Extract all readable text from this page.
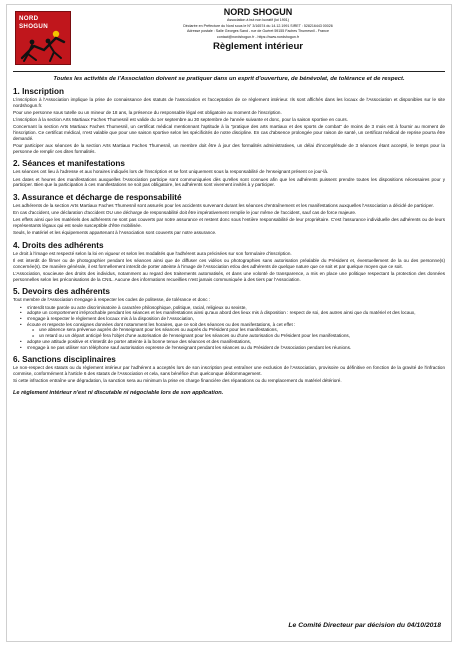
NORD
SHOGUN
NORD SHOGUN
Association à but non lucratif (loi 1901)
Déclarée en Préfecture du Nord sous le N° 3/16574 du 14.12.1991 SIRET : 528216443 00026
Adresse postale : Salle Georges Sand - rue de Guéret 59155 Faches Thumesnil - France
contact@nordshogun.fr - https://www.nordshogun.fr
Règlement intérieur
Toutes les activités de l'Association doivent se pratiquer dans un esprit d'ouverture, de bénévolat, de tolérance et de respect.
1. Inscription

L'inscription à l'Association implique la prise de connaissance des statuts de l'association et l'acceptation de ce règlement intérieur. Ils sont affichés dans les locaux de l'Association et disponibles sur le site nordshogun.fr.

Pour une personne sous tutelle ou un mineur de 18 ans, la présence du responsable légal est obligatoire au moment de l'inscription.

L'inscription à la section Arts Martiaux Faches Thumesnil est valide du 1er septembre au 30 septembre de l'année suivante et donc, pour la saison sportive en cours.

Concernant la section Arts Martiaux Faches Thumesnil, un certificat médical mentionnant l'aptitude à la "pratique des arts martiaux et des sports de combat" de moins de 3 mois est à fournir au moment de l'inscription. Ce certificat médical, n'est valable que pour une saison sportive selon les spécificités de notre discipline. En cas d'absence prolongée pour raison de santé, un certificat médical de reprise pourra être demandé.

Pour participer aux séances de la section Arts Martiaux Faches Thumesnil, un membre doit être à jour des formalités administratives, un délai d'incomplétude de 3 séances étant accepté, le temps pour la personne de remplir ces dites formalités.

2. Séances et manifestations

Les séances ont lieu à l'adresse et aux horaires indiqués lors de l'inscription et se font uniquement sous la responsabilité de l'enseignant présent ce jour-là.

Les dates et heures des manifestations auxquelles l'Association participe sont communiquées dès qu'elles sont connues afin que les adhérents puissent prendre toutes les dispositions nécessaires pour y participer. Bien que la participation à ces manifestations ne soit pas obligatoire, les adhérents sont vivement invités à y participer.

3. Assurance et décharge de responsabilité

Les adhérents de la section Arts Martiaux Faches Thumesnil sont assurés pour les accidents survenant durant les séances d'entraînement et les manifestations auxquelles l'Association a décidé de participer.

En cas d'accident, une déclaration d'accident OU une décharge de responsabilité doit être impérativement remplie le jour même de l'accident, sauf cas de force majeure.

Les effets ainsi que les matériels des adhérents ne sont pas couverts par notre assurance et restent donc sous l'entière responsabilité de leur propriétaire. C'est l'assurance individuelle des adhérents ou de leurs représentants légaux qui est seule susceptible d'être mobilisée.

Seuls, le matériel et les équipements appartenant à l'Association sont couverts par notre assurance.

4. Droits des adhérents

Le droit à l'image est respecté selon la loi en vigueur et selon les modalités que l'adhérent aura précisées sur son formulaire d'inscription.

Il est interdit de filmer ou de photographier pendant les séances ainsi que de diffuser ces vidéos ou photographies sans autorisation préalable du Président et, éventuellement de la ou des personne(s) concernée(s). De manière générale, il est formellement interdit de porter atteinte à l'image de l'Association et/ou des adhérents de quelque nature que ce soit et par quelque moyen que ce soit.

L'Association, soucieuse des droits des individus, notamment au regard des traitements automatisés, et dans une volonté de transparence, a mis en place une politique respectant la protection des données personnelles selon les préconisations de la CNIL. Aucune des informations recueillies n'est jamais communiquée à des tiers par l'Association.

5. Devoirs des adhérents

Tout membre de l'Association s'engage à respecter les codes de politesse, de tolérance et donc :

• s'interdit toute parole ou acte discriminatoire à caractère philosophique, politique, racial, religieux ou sexiste,
• adopte un comportement irréprochable pendant les séances et les manifestations ainsi qu'aux abord des lieux mis à disposition : respect de soi, des autres ainsi que du matériel et des locaux,
• s'engage à respecter le règlement des locaux mis à la disposition de l'Association,
• écoute et respecte les consignes données dont notamment les horaires, que ce soit des séances ou des manifestations, à cet effet :
o une absence sera prévenue auprès de l'enseignant pour les séances ou auprès du Président pour les manifestations,
o un retard ou un départ anticipé fera l'objet d'une autorisation de l'enseignant pour les séances ou d'une autorisation du Président pour les manifestations,
• adopte une attitude positive et s'interdit de porter atteinte à la bonne tenue des séances et des manifestations,
• s'engage à ne pas utiliser son téléphone sauf autorisation expresse de l'enseignant pendant les séances ou du Président de l'Association pendant les réunions.
6. Sanctions disciplinaires

Le non-respect des statuts ou du règlement intérieur par l'adhérent a acceptés lors de son inscription peut entraîner une exclusion de l'Association, provisoire ou définitive en fonction de la gravité de l'infraction commise, conformément à l'article 6 des statuts de l'Association et cela, sans bénéfice d'un quelconque dédommagement.

Si cette infraction entraîne une dégradation, la sanction sera au minimum la prise en charge financière des réparations ou du remplacement du matériel détérioré.

Le règlement intérieur n'est ni discutable ni négociable lors de son application.
Le Comité Directeur par décision du 04/10/2018
